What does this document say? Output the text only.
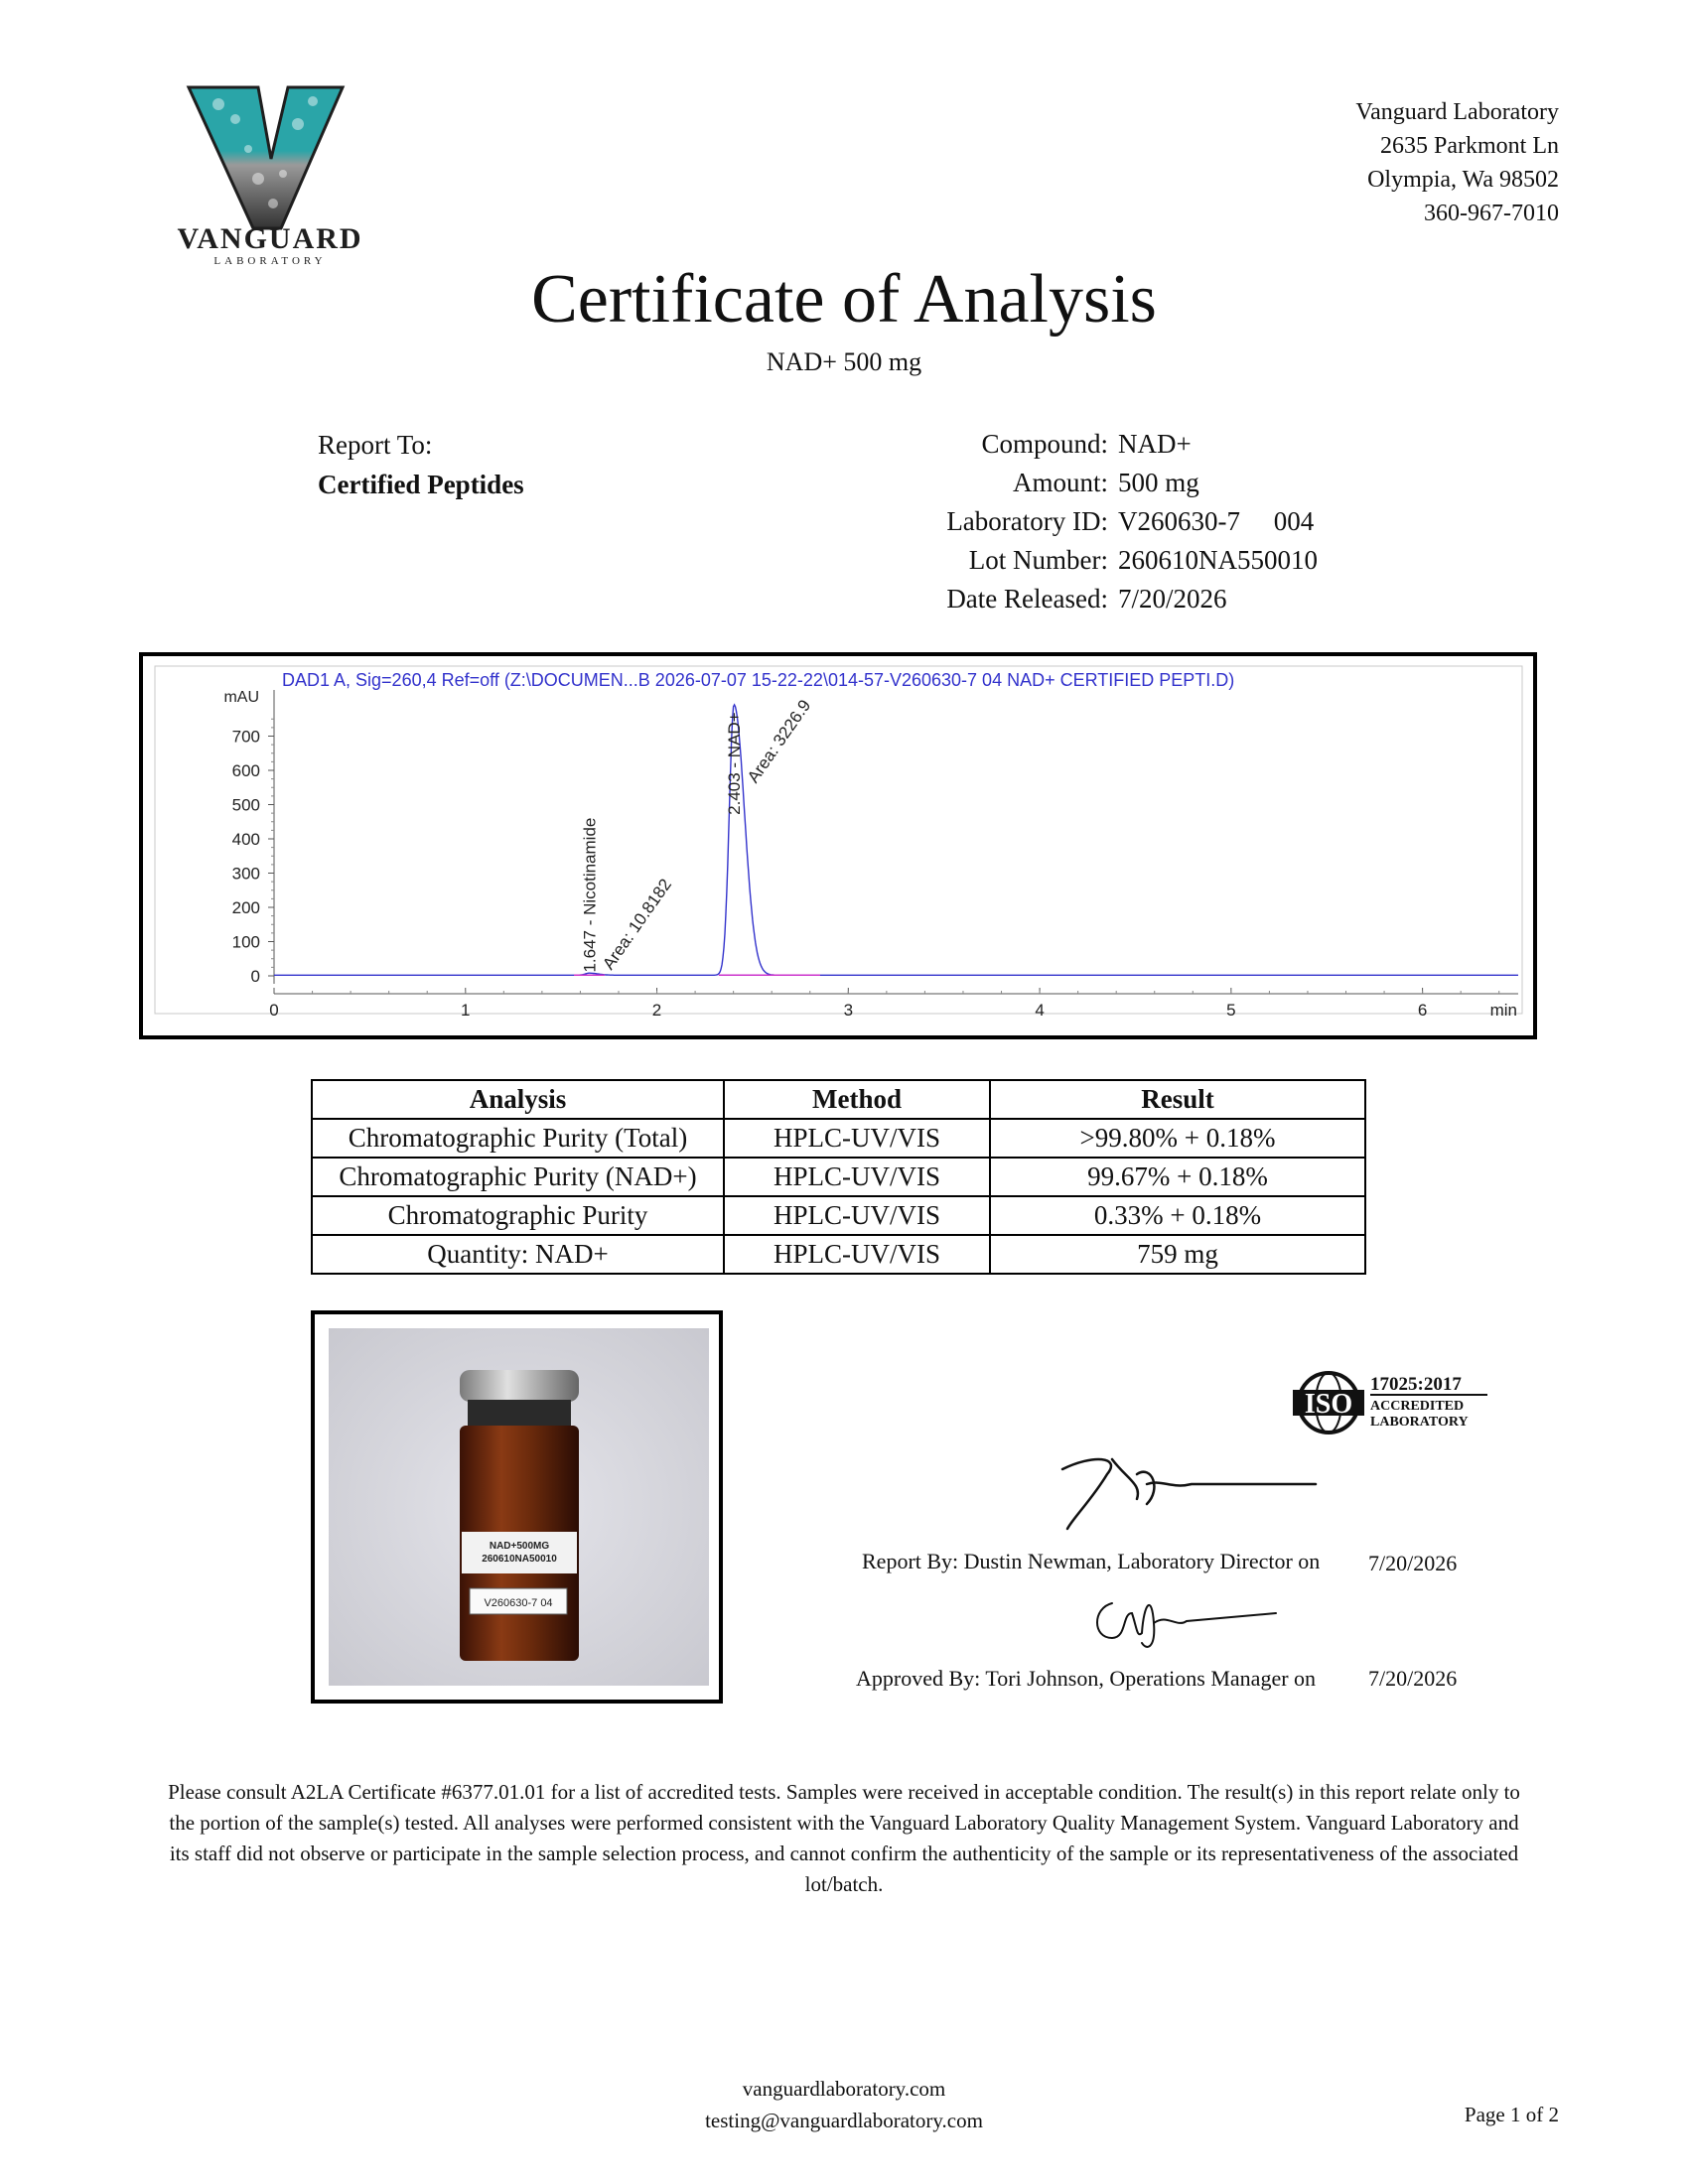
VANGUARD
LABORATORY
Vanguard Laboratory
2635 Parkmont Ln
Olympia, Wa 98502
360-967-7010
Certificate of Analysis
NAD+ 500 mg
Report To:
Certified Peptides
Compound: NAD+
Amount: 500 mg
Laboratory ID: V260630-7     004
Lot Number: 260610NA550010
Date Released: 7/20/2026
DAD1 A, Sig=260,4 Ref=off (Z:\DOCUMEN...B 2026-07-07 15-22-22\014-57-V260630-7 04 NAD+ CERTIFIED PEPTI.D)
mAU
0
100
200
300
400
500
600
700
0	1	2	3	4	5	6	min
1.647 - Nicotinamide Area: 10.8182
2.403 - NAD+ Area: 3226.9
Analysis	Method	Result
Chromatographic Purity (Total)	HPLC-UV/VIS	>99.80% + 0.18%
Chromatographic Purity (NAD+)	HPLC-UV/VIS	99.67% + 0.18%
Chromatographic Purity	HPLC-UV/VIS	0.33% + 0.18%
Quantity: NAD+	HPLC-UV/VIS	759 mg
NAD+500MG
260610NA50010
V260630-7 04
ISO
17025:2017
ACCREDITED
LABORATORY
Report By: Dustin Newman, Laboratory Director on 7/20/2026
Approved By: Tori Johnson, Operations Manager on 7/20/2026
Please consult A2LA Certificate #6377.01.01 for a list of accredited tests. Samples were received in acceptable condition. The result(s) in this report relate only to the portion of the sample(s) tested. All analyses were performed consistent with the Vanguard Laboratory Quality Management System. Vanguard Laboratory and its staff did not observe or participate in the sample selection process, and cannot confirm the authenticity of the sample or its representativeness of the associated lot/batch.
vanguardlaboratory.com
testing@vanguardlaboratory.com	Page 1 of 2
